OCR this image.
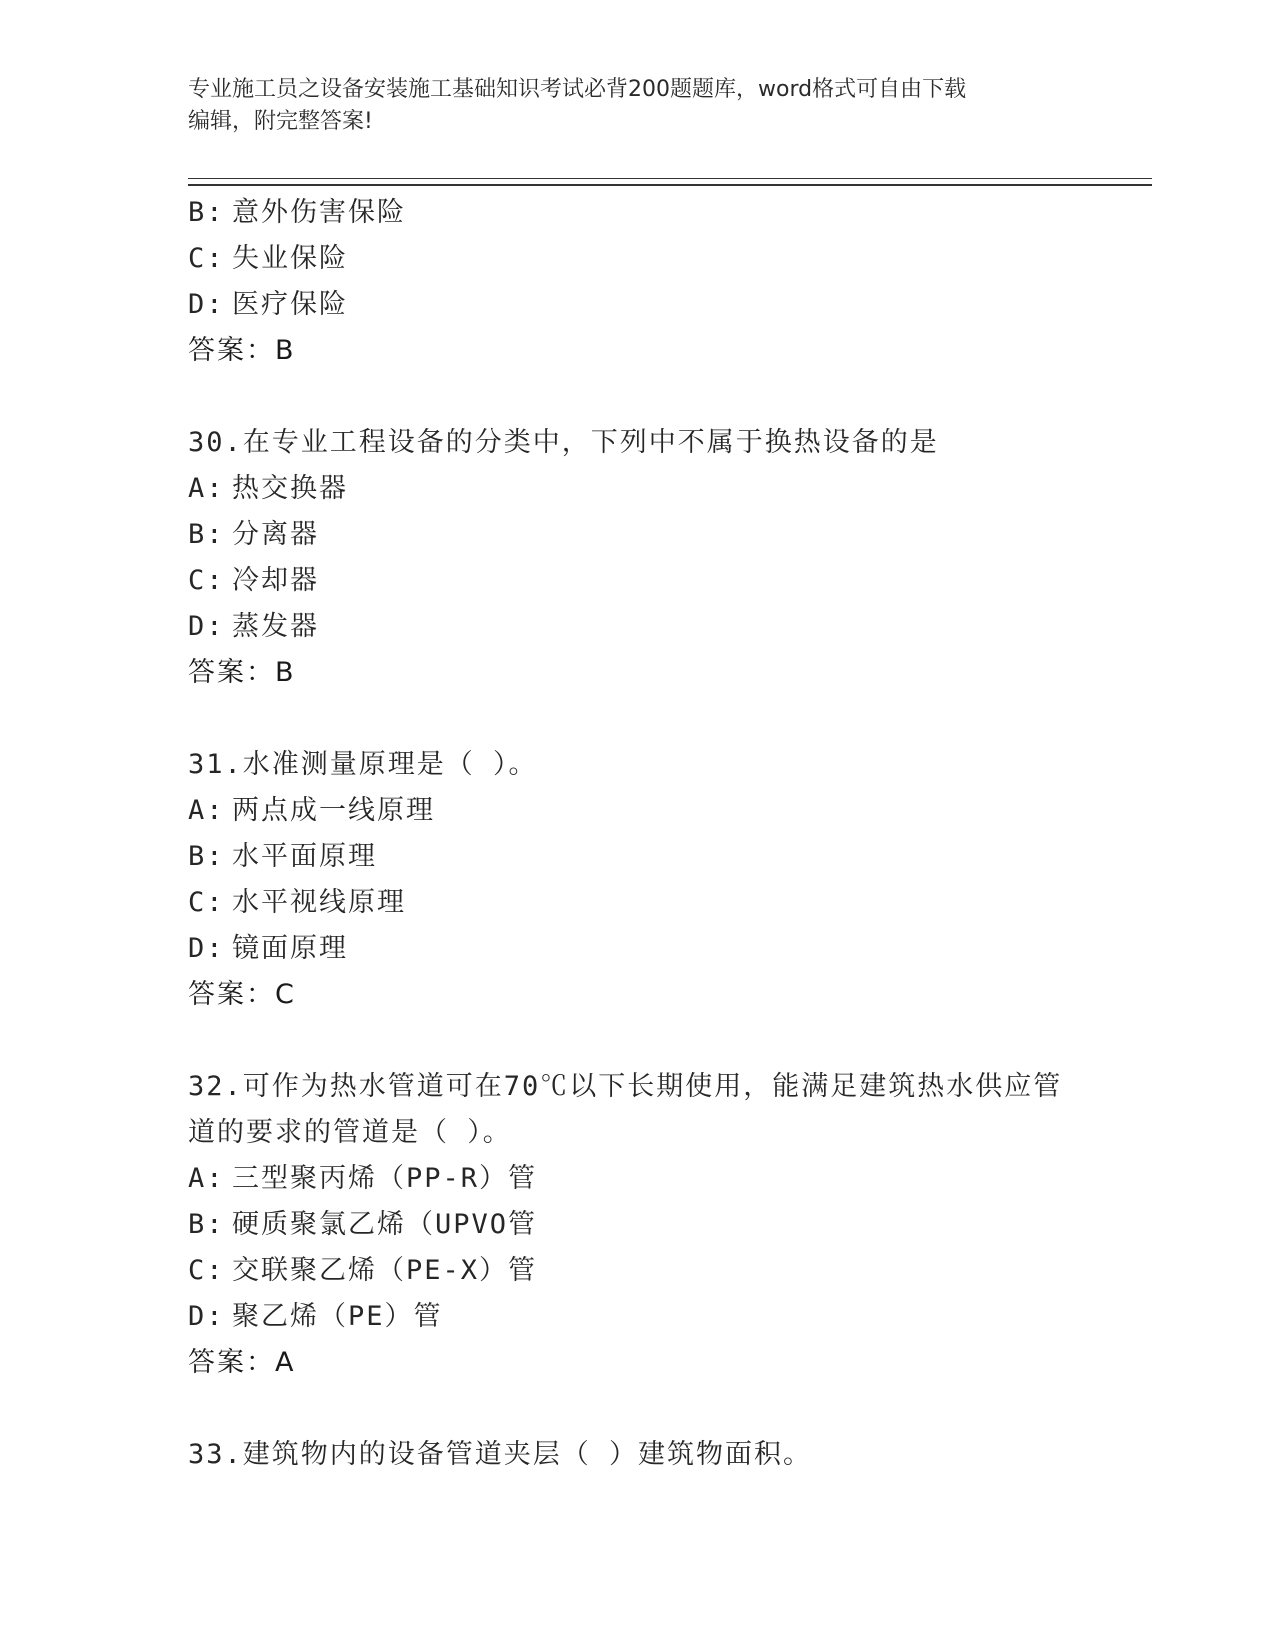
专业施工员之设备安装施工基础知识考试必背200题题库，word格式可自由下载
编辑，附完整答案!
B: 意外伤害保险
C: 失业保险
D: 医疗保险
答案：B
30.在专业工程设备的分类中，下列中不属于换热设备的是
A: 热交换器
B: 分离器
C: 冷却器
D: 蒸发器
答案：B
31.水准测量原理是（ ）。
A: 两点成一线原理
B: 水平面原理
C: 水平视线原理
D: 镜面原理
答案：C
32.可作为热水管道可在70℃以下长期使用，能满足建筑热水供应管道的要求的管道是（ ）。
A: 三型聚丙烯（PP-R）管
B: 硬质聚氯乙烯（UPVO管
C: 交联聚乙烯（PE-X）管
D: 聚乙烯（PE）管
答案：A
33.建筑物内的设备管道夹层（ ）建筑物面积。
